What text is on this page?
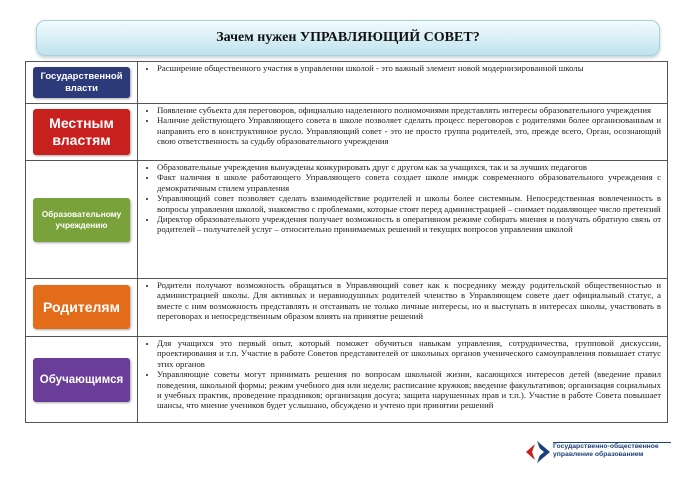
Зачем нужен УПРАВЛЯЮЩИЙ СОВЕТ?
Государственной власти
• Расширение общественного участия в управлении школой - это важный элемент новой модернизированной школы
Местным властям
• Появление субъекта для переговоров, официально наделенного полномочиями представлять интересы образовательного учреждения
• Наличие действующего Управляющего совета в школе позволяет сделать процесс переговоров с родителями более организованным и направить его в конструктивное русло. Управляющий совет - это не просто группа родителей, это, прежде всего, Орган, осознающий свою ответственность за судьбу образовательного учреждения
Образовательному учреждению
• Образовательные учреждения вынуждены конкурировать друг с другом как за учащихся, так и за лучших педагогов
• Факт наличия в школе работающего Управляющего совета создает школе имидж современного образовательного учреждения с демократичным стилем управления
• Управляющий совет позволяет сделать взаимодействие родителей и школы более системным. Непосредственная вовлеченность в вопросы управления школой, знакомство с проблемами, которые стоят перед администрацией – снимает подавляющее число претензий
• Директор образовательного учреждения получает возможность в оперативном режиме собирать мнения и получать обратную связь от родителей – получателей услуг – относительно принимаемых решений и текущих вопросов управления школой
Родителям
• Родители получают возможность обращаться в Управляющий совет как к посреднику между родительской общественностью и администрацией школы. Для активных и неравнодушных родителей членство в Управляющем совете дает официальный статус, а вместе с ним возможность представлять и отстаивать не только личные интересы, но и выступать в интересах школы, участвовать в переговорах и непосредственным образом влиять на принятие решений
Обучающимся
• Для учащихся это первый опыт, который поможет обучиться навыкам управления, сотрудничества, групповой дискуссии, проектирования и т.п. Участие в работе Советов представителей от школьных органов ученического самоуправления повышает статус этих органов
• Управляющие советы могут принимать решения по вопросам школьной жизни, касающихся интересов детей (введение правил поведения, школьной формы; режим учебного дня или недели; расписание кружков; введение факультативов; организация социальных и учебных практик, проведение праздников; организация досуга; защита нарушенных прав и т.п.). Участие в работе Совета повышает шансы, что мнение учеников будет услышано, обсуждено и учтено при принятии решений
Государственно-общественное
управление образованием
